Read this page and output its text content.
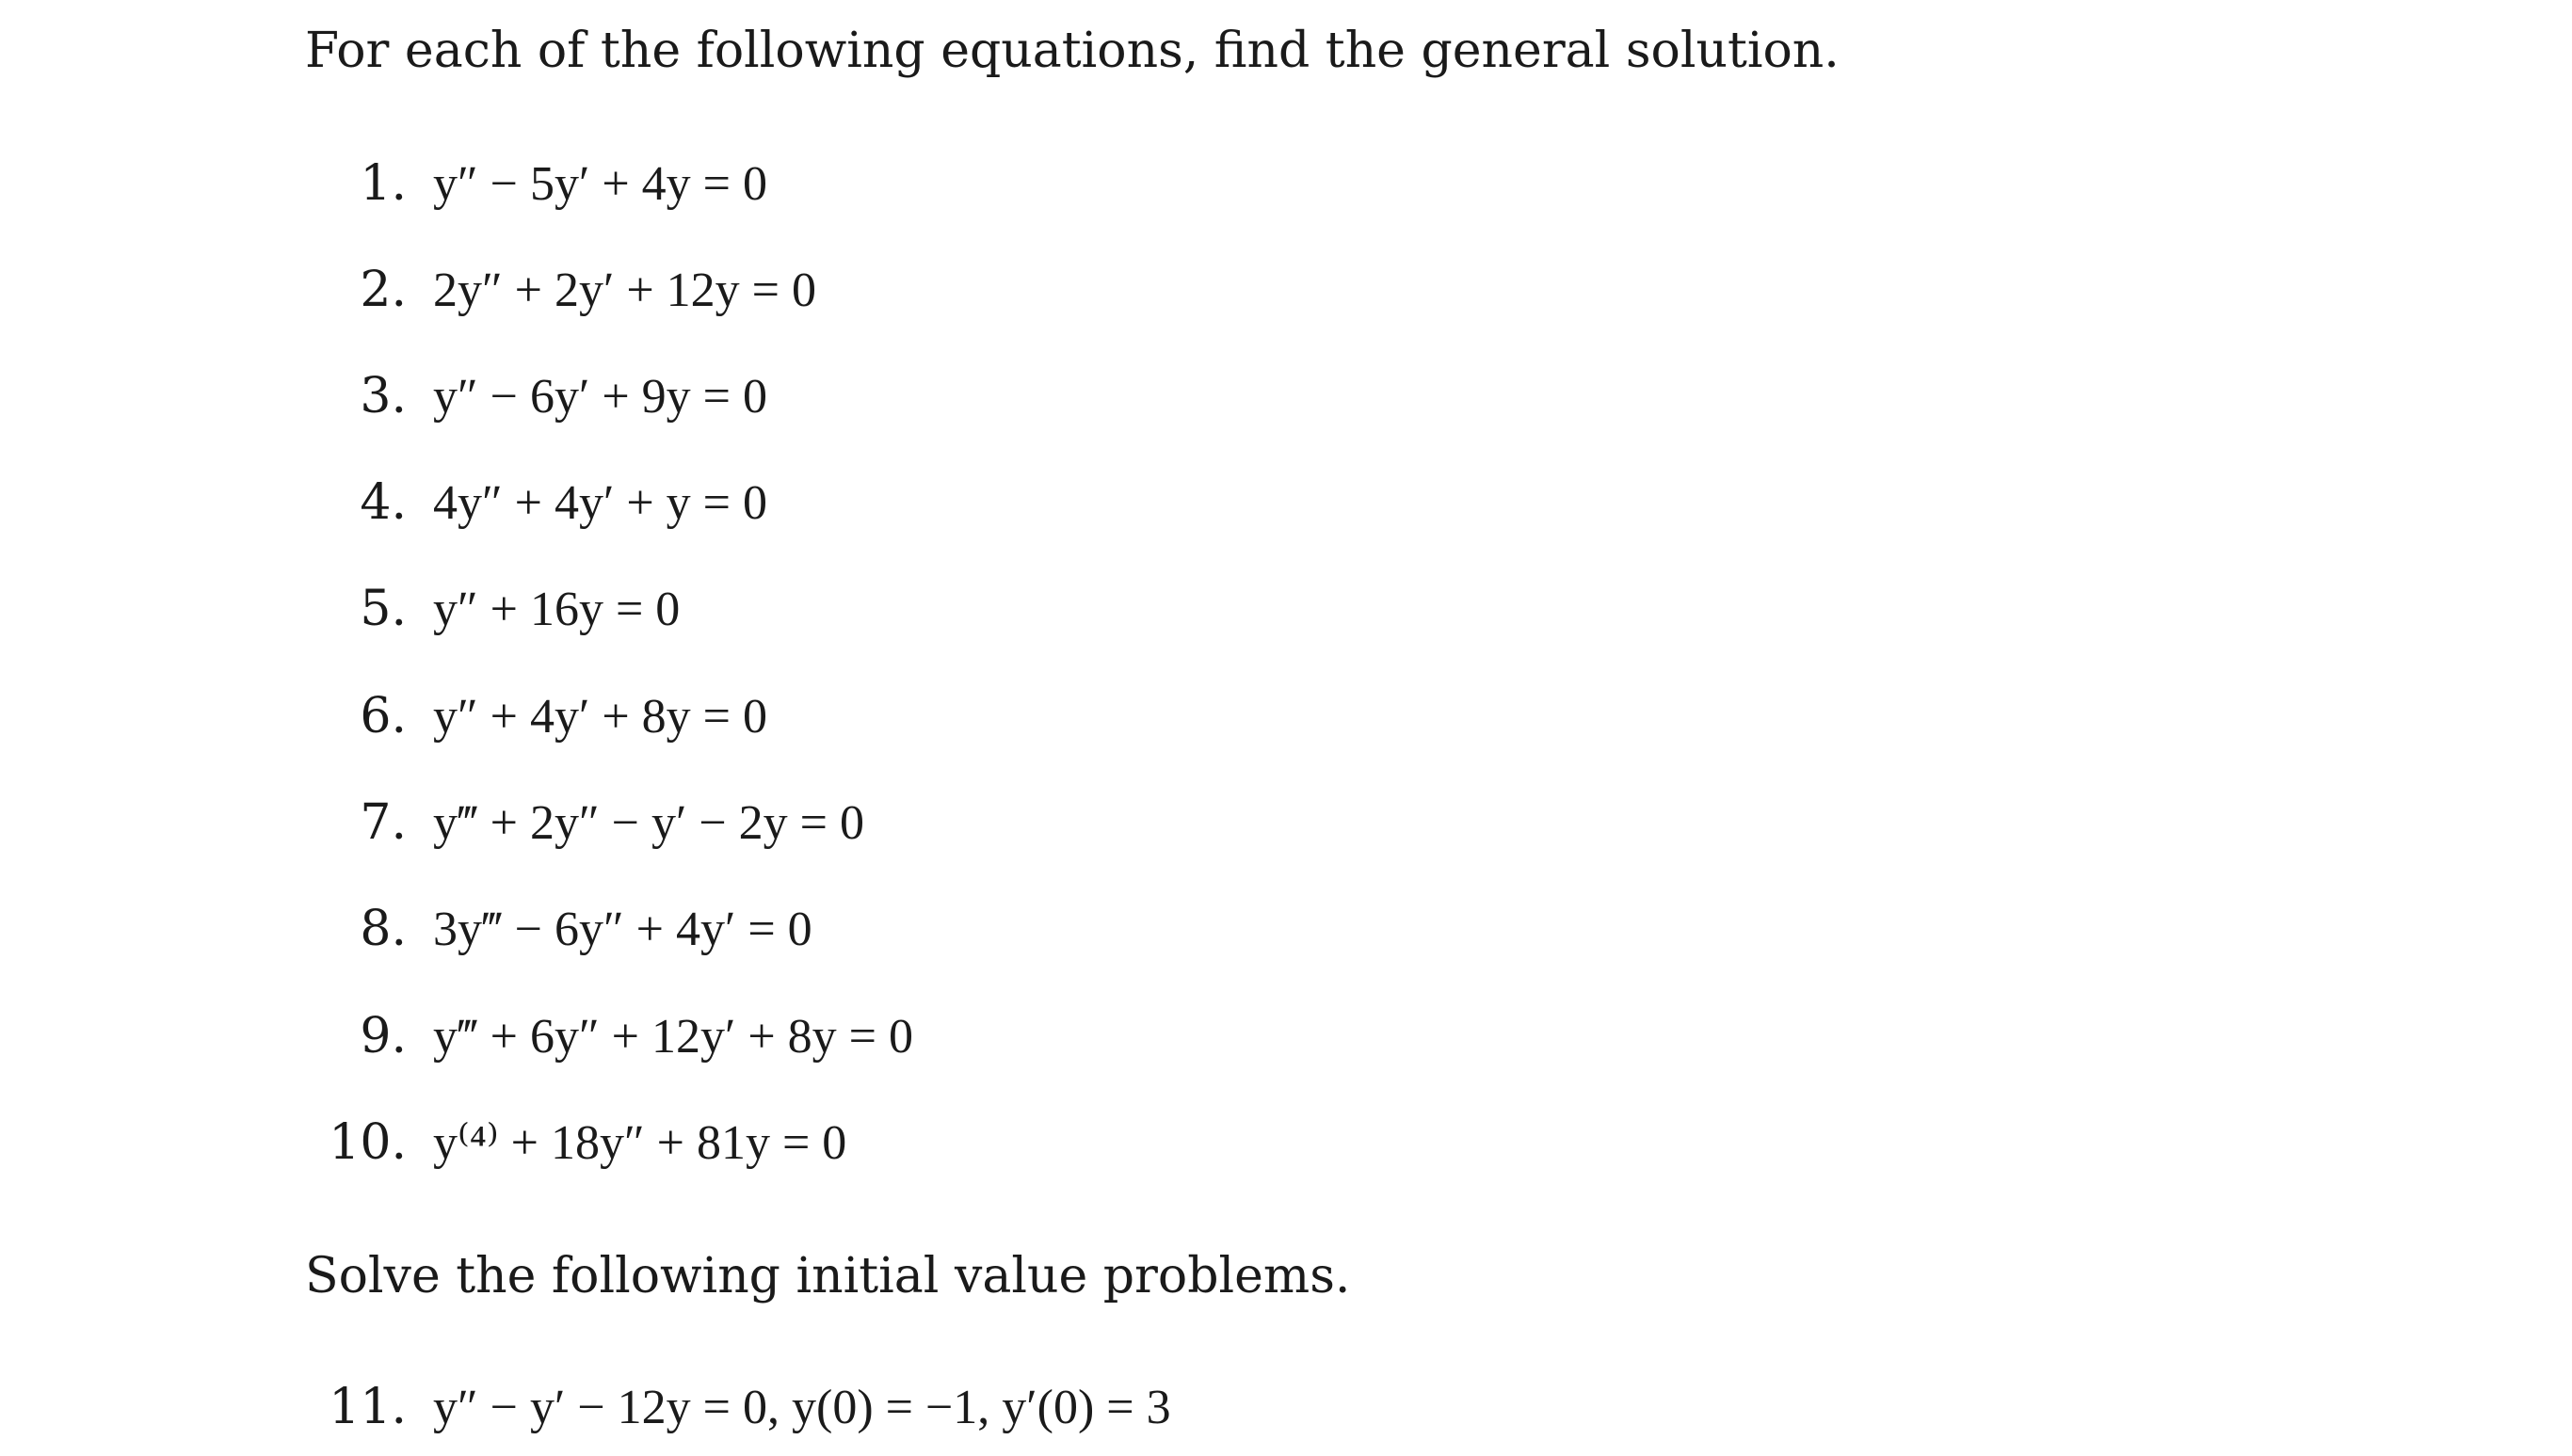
For each of the following equations, find the general solution.
1. y″ − 5y′ + 4y = 0
2. 2y″ + 2y′ + 12y = 0
3. y″ − 6y′ + 9y = 0
4. 4y″ + 4y′ + y = 0
5. y″ + 16y = 0
6. y″ + 4y′ + 8y = 0
7. y‴ + 2y″ − y′ − 2y = 0
8. 3y‴ − 6y″ + 4y′ = 0
9. y‴ + 6y″ + 12y′ + 8y = 0
10. y⁽⁴⁾ + 18y″ + 81y = 0
Solve the following initial value problems.
11. y″ − y′ − 12y = 0, y(0) = −1, y′(0) = 3
